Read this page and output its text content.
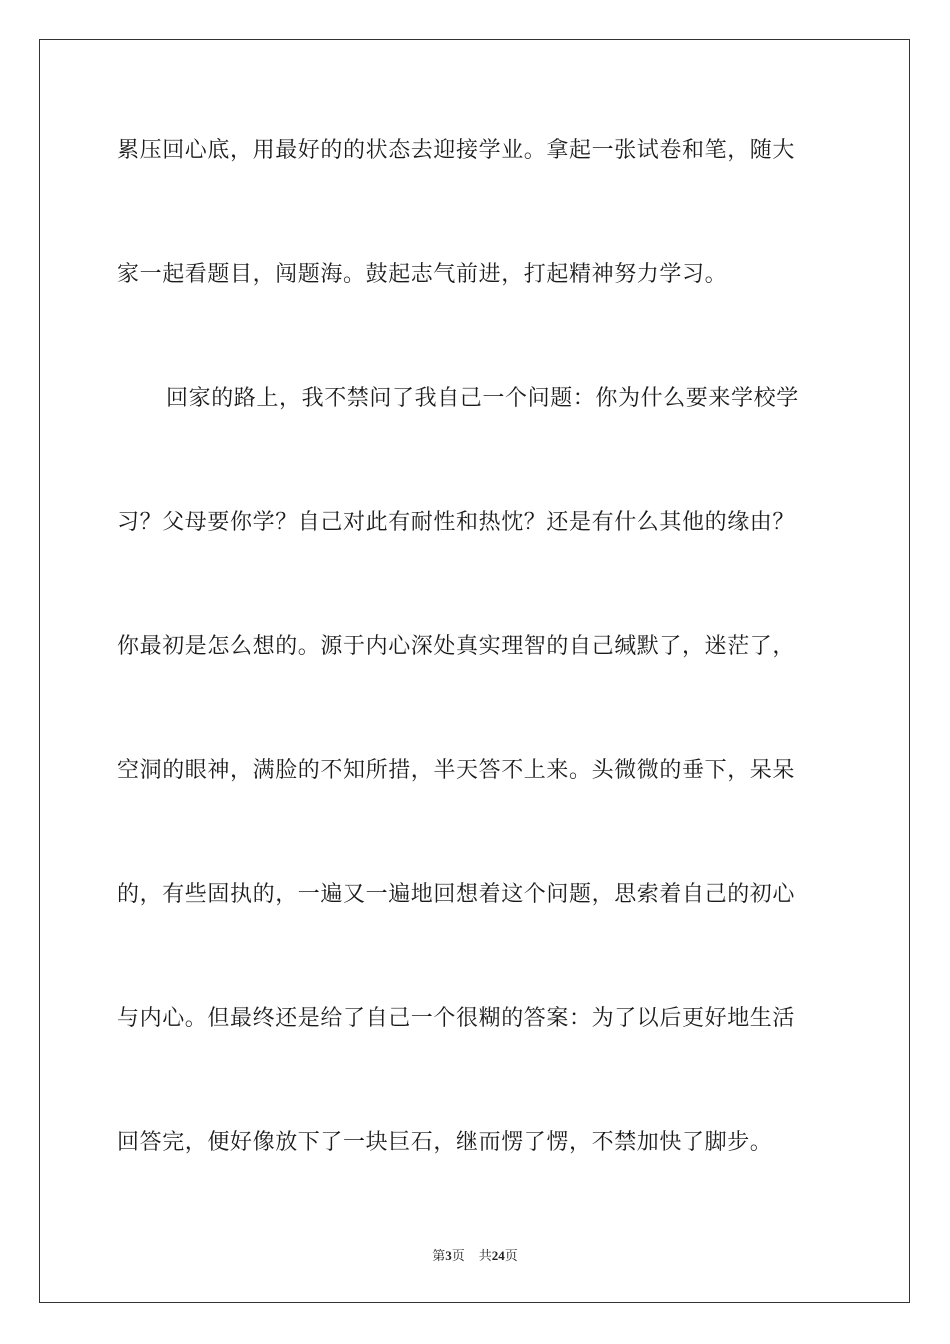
累压回心底，用最好的的状态去迎接学业。拿起一张试卷和笔，随大
家一起看题目，闯题海。鼓起志气前进，打起精神努力学习。
回家的路上，我不禁问了我自己一个问题：你为什么要来学校学
习？父母要你学？自己对此有耐性和热忱？还是有什么其他的缘由？
你最初是怎么想的。源于内心深处真实理智的自己缄默了，迷茫了，
空洞的眼神，满脸的不知所措，半天答不上来。头微微的垂下，呆呆
的，有些固执的，一遍又一遍地回想着这个问题，思索着自己的初心
与内心。但最终还是给了自己一个很糊的答案：为了以后更好地生活
回答完，便好像放下了一块巨石，继而愣了愣，不禁加快了脚步。
第3页 共24页
